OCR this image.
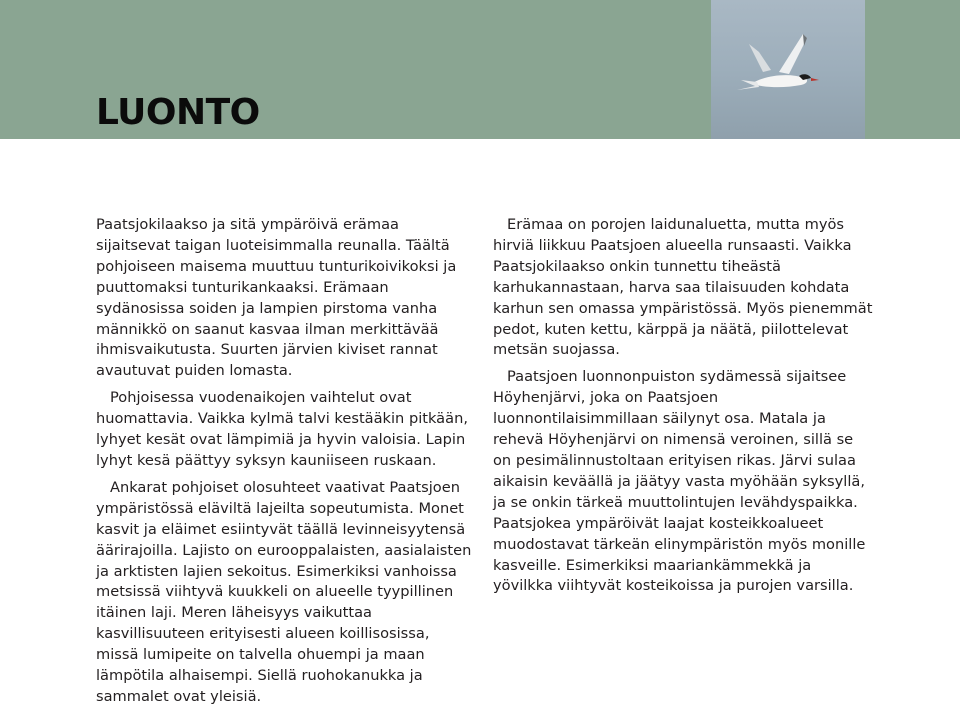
LUONTO

Paatsjokilaakso ja sitä ympäröivä erämaa sijaitsevat taigan luoteisimmalla reunalla. Täältä pohjoiseen maisema muuttuu tunturikoivikoksi ja puuttomaksi tunturikankaaksi. Erämaan sydänosissa soiden ja lampien pirstoma vanha männikkö on saanut kasvaa ilman merkittävää ihmisvaikutusta. Suurten järvien kiviset rannat avautuvat puiden lomasta.

Pohjoisessa vuodenaikojen vaihtelut ovat huomattavia. Vaikka kylmä talvi kestääkin pitkään, lyhyet kesät ovat lämpimiä ja hyvin valoisia. Lapin lyhyt kesä päättyy syksyn kauniiseen ruskaan.

Ankarat pohjoiset olosuhteet vaativat Paatsjoen ympäristössä eläviltä lajeilta sopeutumista. Monet kasvit ja eläimet esiintyvät täällä levinneisyytensä äärirajoilla. Lajisto on eurooppalaisten, aasialaisten ja arktisten lajien sekoitus. Esimerkiksi vanhoissa metsissä viihtyvä kuukkeli on alueelle tyypillinen itäinen laji. Meren läheisyys vaikuttaa kasvillisuuteen erityisesti alueen koillisosissa, missä lumipeite on talvella ohuempi ja maan lämpötila alhaisempi. Siellä ruohokanukka ja sammalet ovat yleisiä.

Erämaa on porojen laidunaluetta, mutta myös hirviä liikkuu Paatsjoen alueella runsaasti. Vaikka Paatsjokilaakso onkin tunnettu tiheästä karhukannastaan, harva saa tilaisuuden kohdata karhun sen omassa ympäristössä. Myös pienemmät pedot, kuten kettu, kärppä ja näätä, piilottelevat metsän suojassa.

Paatsjoen luonnonpuiston sydämessä sijaitsee Höyhenjärvi, joka on Paatsjoen luonnontilaisimmillaan säilynyt osa. Matala ja rehevä Höyhenjärvi on nimensä veroinen, sillä se on pesimälinnustoltaan erityisen rikas. Järvi sulaa aikaisin keväällä ja jäätyy vasta myöhään syksyllä, ja se onkin tärkeä muuttolintujen levähdyspaikka. Paatsjokea ympäröivät laajat kosteikkoalueet muodostavat tärkeän elinympäristön myös monille kasveille. Esimerkiksi maariankämmekkä ja yövilkka viihtyvät kosteikoissa ja purojen varsilla.
